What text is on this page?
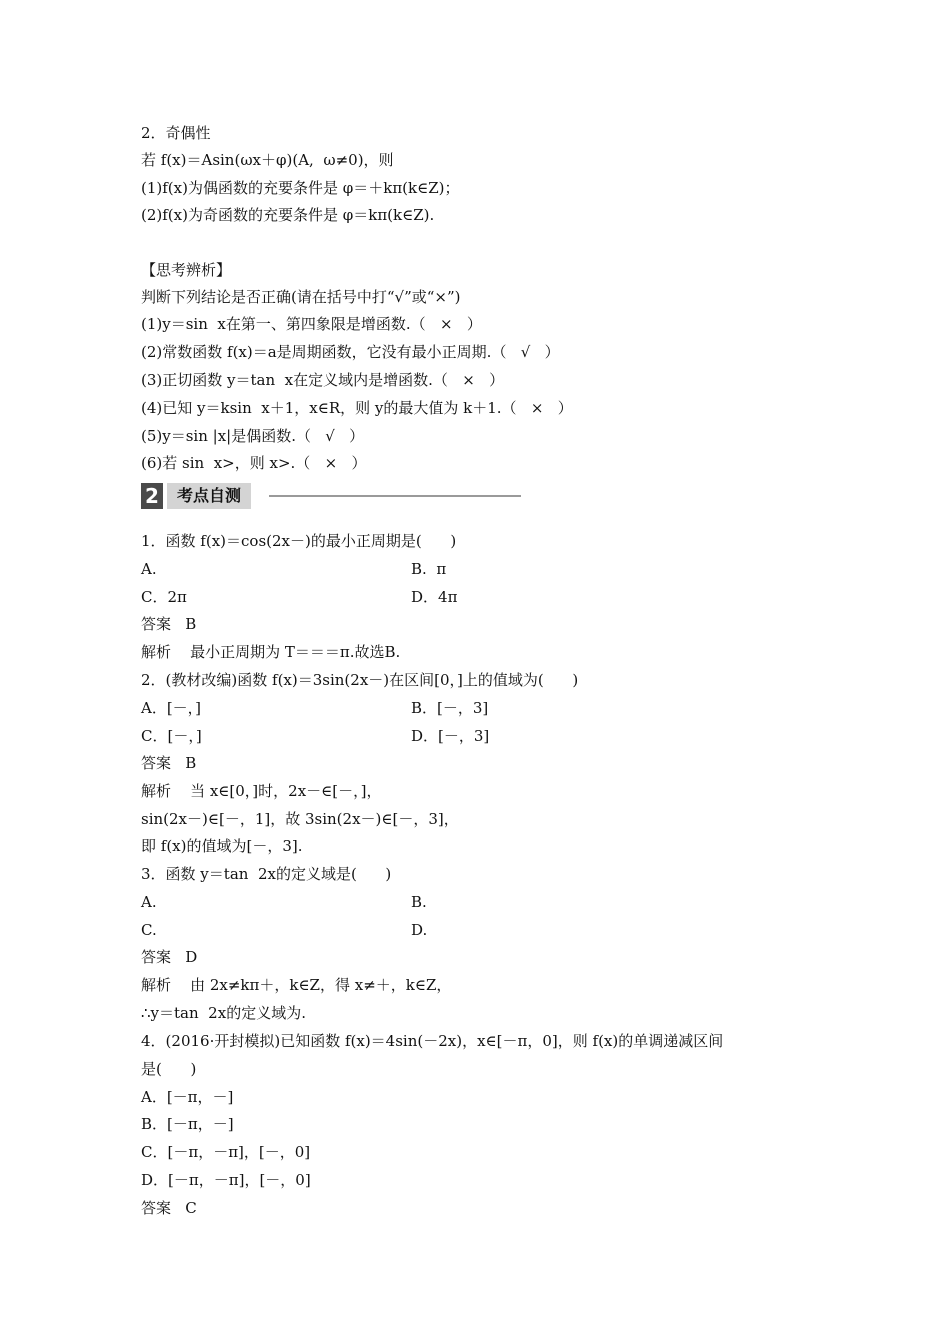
2．奇偶性
若 f(x)＝Asin(ωx＋φ)(A,  ω≠0)，则
(1)f(x)为偶函数的充要条件是 φ＝＋kπ(k∈Z)；
(2)f(x)为奇函数的充要条件是 φ＝kπ(k∈Z).
【思考辨析】
判断下列结论是否正确(请在括号中打“√”或“×”)
(1)y＝sin  x在第一、第四象限是增函数.（   ×   ）
(2)常数函数 f(x)＝a是周期函数，它没有最小正周期.（   √   ）
(3)正切函数 y＝tan  x在定义域内是增函数.（   ×   ）
(4)已知 y＝ksin  x＋1，x∈R，则 y的最大值为 k＋1.（   ×   ）
(5)y＝sin |x|是偶函数.（   √   ）
(6)若 sin  x>，则 x>.（   ×   ）
2	考点自测
1．函数 f(x)＝cos(2x－)的最小正周期是(      )
A.	B.  π
C．2π	D．4π
答案   B
解析    最小正周期为 T＝＝＝π.故选B.
2．(教材改编)函数 f(x)＝3sin(2x－)在区间[0，]上的值域为(      )
A．[－，]	B．[－，3]
C．[－，]	D．[－，3]
答案   B
解析    当 x∈[0，]时，2x－∈[－，]，
sin(2x－)∈[－，1]，故 3sin(2x－)∈[－，3]，
即 f(x)的值域为[－，3].
3．函数 y＝tan  2x的定义域是(      )
A.	B.
C.	D.
答案   D
解析    由 2x≠kπ＋，k∈Z，得 x≠＋，k∈Z，
∴y＝tan  2x的定义域为.
4．(2016·开封模拟)已知函数 f(x)＝4sin(－2x)，x∈[－π，0]，则 f(x)的单调递减区间
是(      )
A．[－π，－]
B．[－π，－]
C．[－π，－π]，[－，0]
D．[－π，－π]，[－，0]
答案   C
